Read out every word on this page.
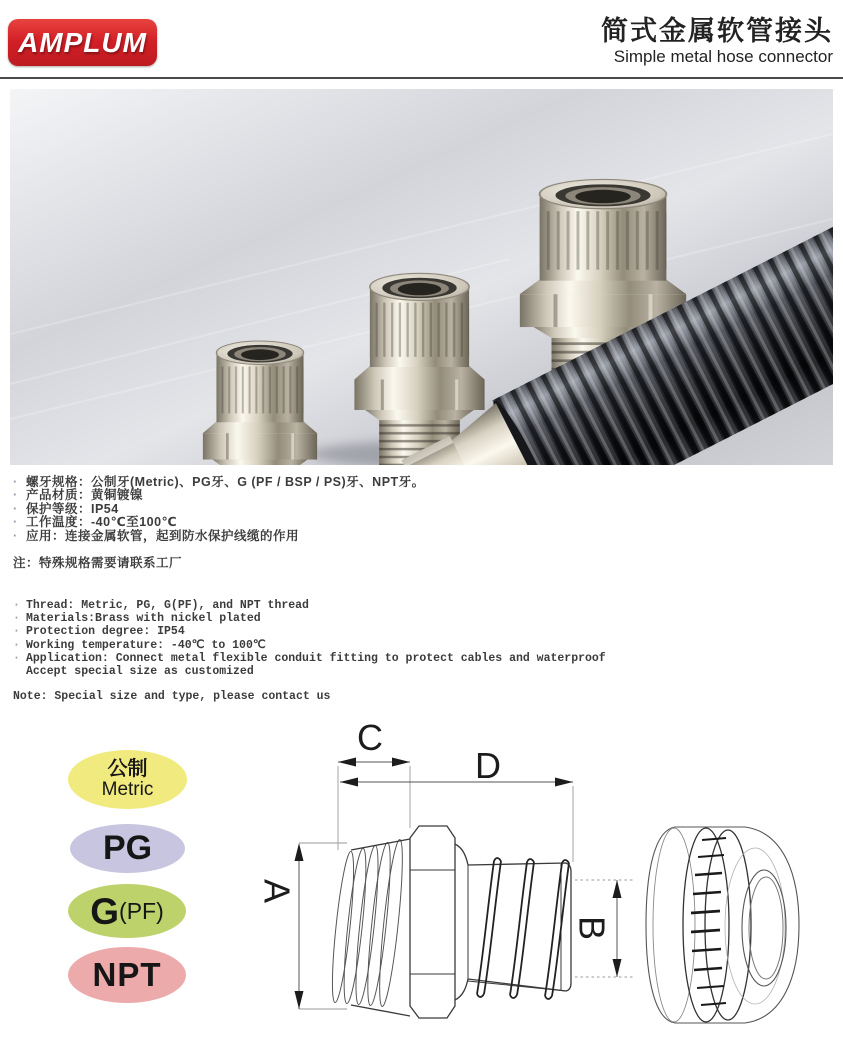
AMPLUM	简式金属软管接头
Simple metal hose connector
· 螺牙规格：公制牙(Metric)、PG牙、G (PF / BSP / PS)牙、NPT牙。
· 产品材质：黄铜镀镍
· 保护等级：IP54
· 工作温度：-40℃至100℃
· 应用：连接金属软管，起到防水保护线缆的作用
注：特殊规格需要请联系工厂
· Thread: Metric, PG, G(PF), and NPT thread
· Materials:Brass with nickel plated
· Protection degree: IP54
· Working temperature: -40℃ to 100℃
· Application: Connect metal flexible conduit fitting to protect cables and waterproof
Accept special size as customized
Note: Special size and type, please contact us
公制
Metric
PG
G (PF)
NPT
C
D
A
B
